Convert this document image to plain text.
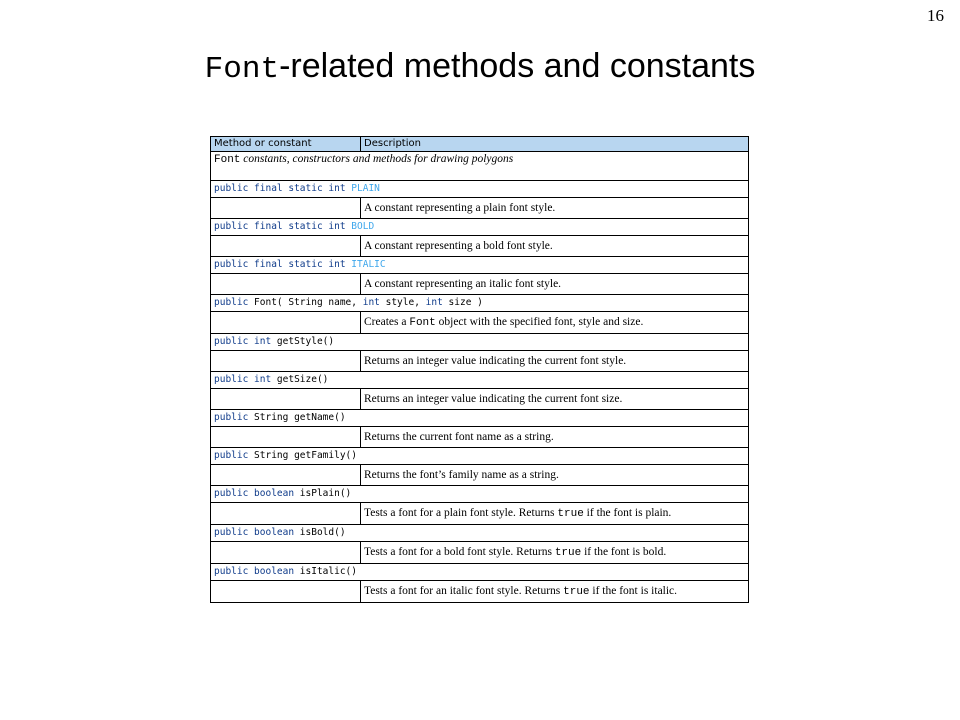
16
Font-related methods and constants
Method or constant	Description
Font constants, constructors and methods for drawing polygons	
public final static int PLAIN	
	A constant representing a plain font style.
public final static int BOLD	
	A constant representing a bold font style.
public final static int ITALIC	
	A constant representing an italic font style.
public Font( String name, int style, int size )	
	Creates a Font object with the specified font, style and size.
public int getStyle()	
	Returns an integer value indicating the current font style.
public int getSize()	
	Returns an integer value indicating the current font size.
public String getName()	
	Returns the current font name as a string.
public String getFamily()	
	Returns the font’s family name as a string.
public boolean isPlain()	
	Tests a font for a plain font style. Returns true if the font is plain.
public boolean isBold()	
	Tests a font for a bold font style. Returns true if the font is bold.
public boolean isItalic()	
	Tests a font for an italic font style. Returns true if the font is italic.
